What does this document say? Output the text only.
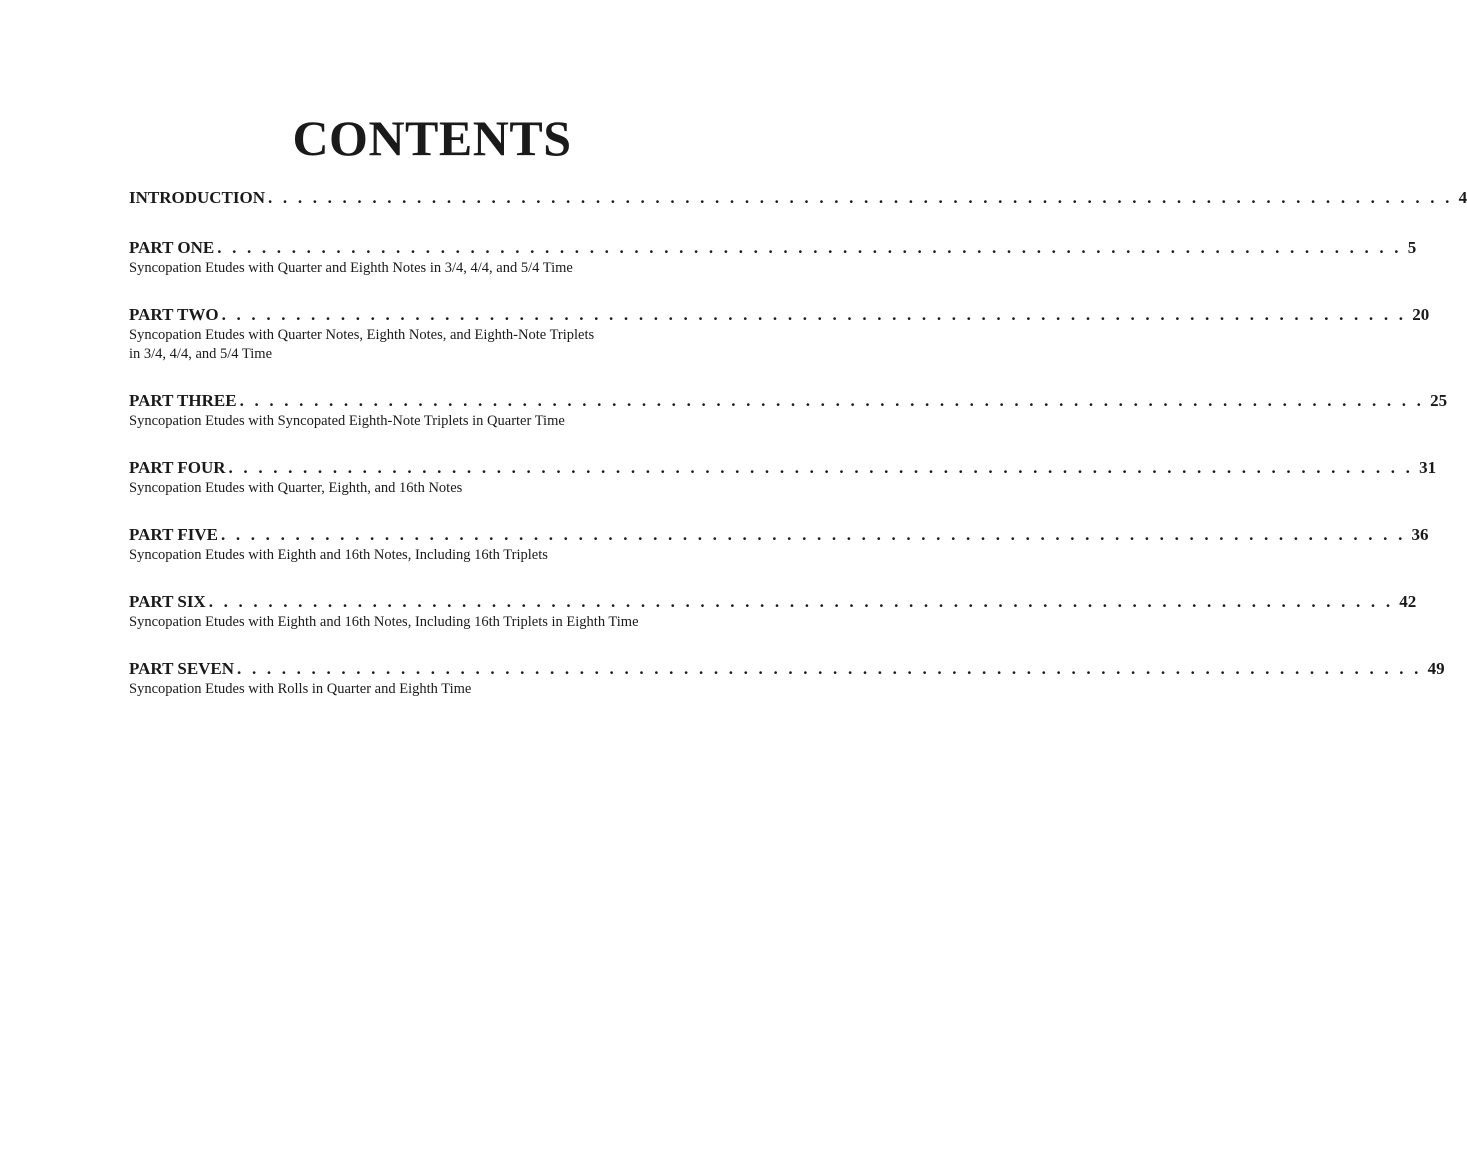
CONTENTS
INTRODUCTION . . . . . . . . . . . . . . . . . . . . . . . . . . . . . . . . . . . . . . . . . . . . . . . . . . . . . . . . . . . . . . . . . . . . . . . . . . . . . . . . 4
PART ONE . . . . . . . . . . . . . . . . . . . . . . . . . . . . . . . . . . . . . . . . . . . . . . . . . . . . . . . . . . . . . . . . . . . . . . . . . . . . . . . . 5
Syncopation Etudes with Quarter and Eighth Notes in 3/4, 4/4, and 5/4 Time
PART TWO . . . . . . . . . . . . . . . . . . . . . . . . . . . . . . . . . . . . . . . . . . . . . . . . . . . . . . . . . . . . . . . . . . . . . . . . . . . . . . . . 20
Syncopation Etudes with Quarter Notes, Eighth Notes, and Eighth-Note Triplets
in 3/4, 4/4, and 5/4 Time
PART THREE . . . . . . . . . . . . . . . . . . . . . . . . . . . . . . . . . . . . . . . . . . . . . . . . . . . . . . . . . . . . . . . . . . . . . . . . . . . . . . . . 25
Syncopation Etudes with Syncopated Eighth-Note Triplets in Quarter Time
PART FOUR . . . . . . . . . . . . . . . . . . . . . . . . . . . . . . . . . . . . . . . . . . . . . . . . . . . . . . . . . . . . . . . . . . . . . . . . . . . . . . . . 31
Syncopation Etudes with Quarter, Eighth, and 16th Notes
PART FIVE . . . . . . . . . . . . . . . . . . . . . . . . . . . . . . . . . . . . . . . . . . . . . . . . . . . . . . . . . . . . . . . . . . . . . . . . . . . . . . . . 36
Syncopation Etudes with Eighth and 16th Notes, Including 16th Triplets
PART SIX . . . . . . . . . . . . . . . . . . . . . . . . . . . . . . . . . . . . . . . . . . . . . . . . . . . . . . . . . . . . . . . . . . . . . . . . . . . . . . . . 42
Syncopation Etudes with Eighth and 16th Notes, Including 16th Triplets in Eighth Time
PART SEVEN . . . . . . . . . . . . . . . . . . . . . . . . . . . . . . . . . . . . . . . . . . . . . . . . . . . . . . . . . . . . . . . . . . . . . . . . . . . . . . . . 49
Syncopation Etudes with Rolls in Quarter and Eighth Time
